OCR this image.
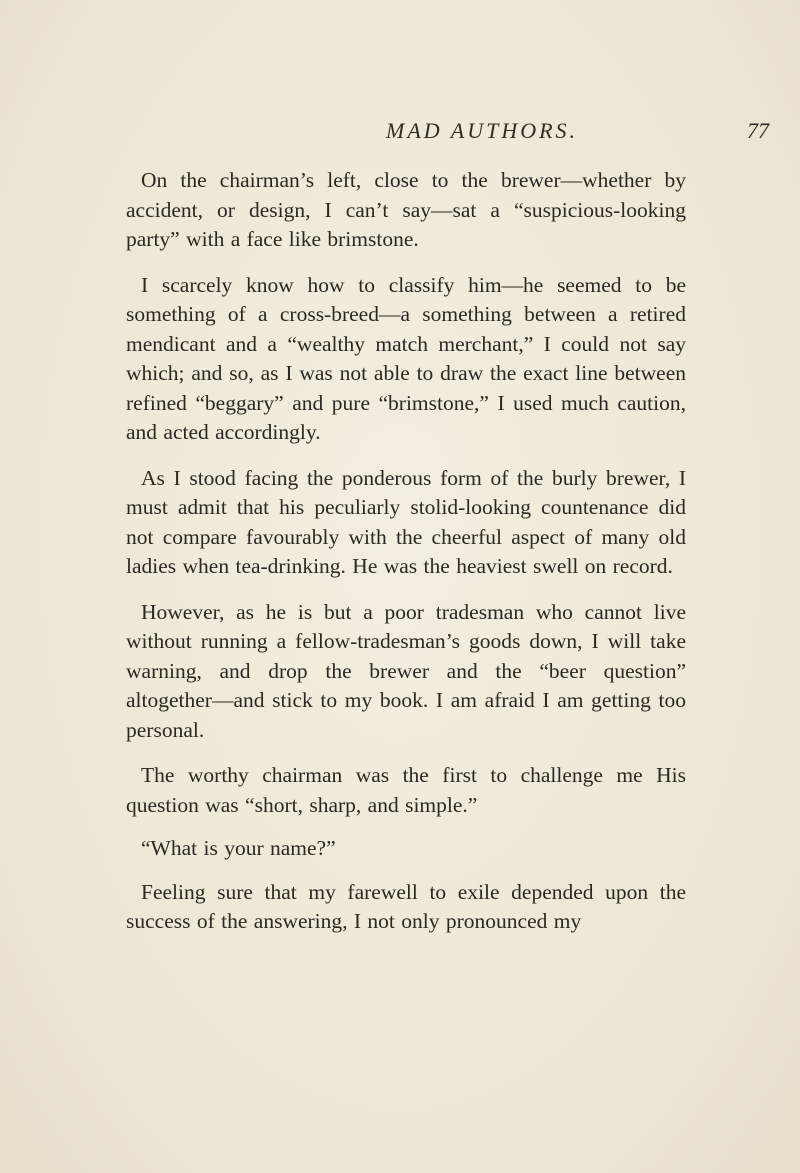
MAD AUTHORS.	77

On the chairman’s left, close to the brewer—whether by accident, or design, I can’t say—sat a “suspicious-looking party” with a face like brimstone.

I scarcely know how to classify him—he seemed to be something of a cross-breed—a something between a retired mendicant and a “wealthy match merchant,” I could not say which; and so, as I was not able to draw the exact line between refined “beggary” and pure “brimstone,” I used much caution, and acted accordingly.

As I stood facing the ponderous form of the burly brewer, I must admit that his peculiarly stolid-looking countenance did not compare favourably with the cheerful aspect of many old ladies when tea-drinking. He was the heaviest swell on record.

However, as he is but a poor tradesman who cannot live without running a fellow-tradesman’s goods down, I will take warning, and drop the brewer and the “beer question” altogether—and stick to my book. I am afraid I am getting too personal.

The worthy chairman was the first to challenge me His question was “short, sharp, and simple.”

“What is your name?”

Feeling sure that my farewell to exile depended upon the success of the answering, I not only pronounced my
